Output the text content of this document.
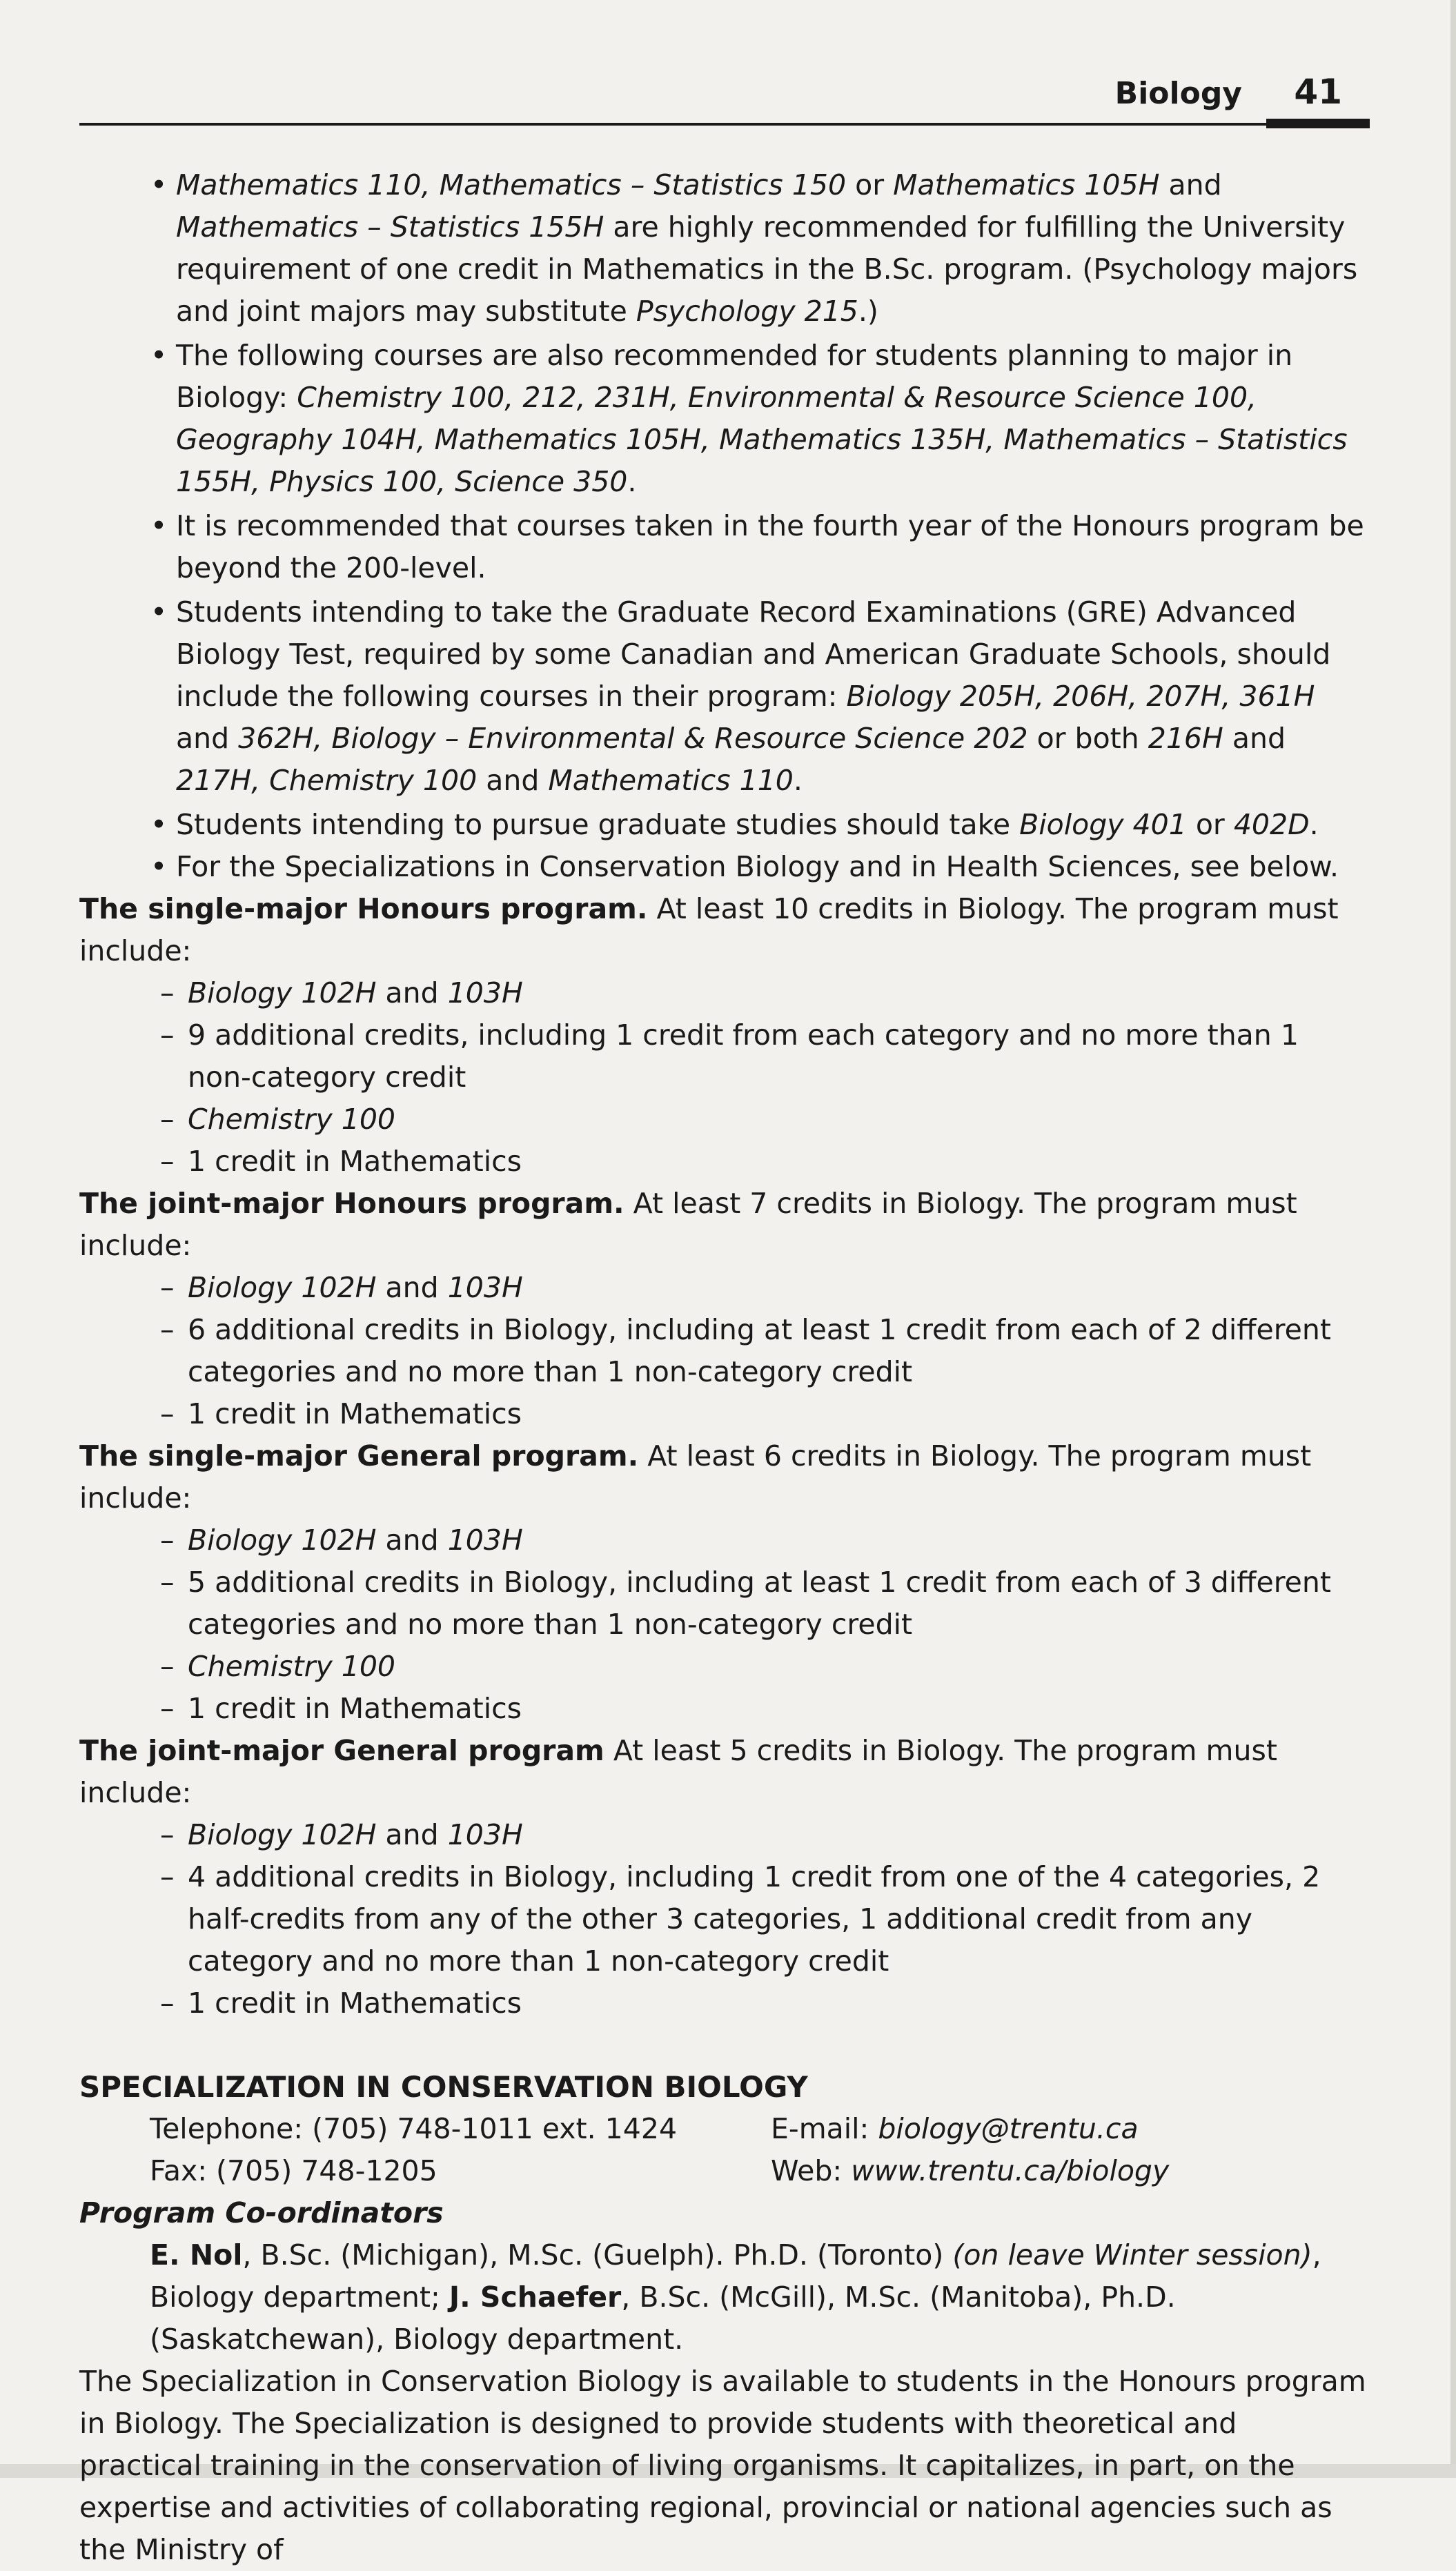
Biology 41
• Mathematics 110, Mathematics – Statistics 150 or Mathematics 105H and Mathematics – Statistics 155H are highly recommended for fulfilling the University requirement of one credit in Mathematics in the B.Sc. program. (Psychology majors and joint majors may substitute Psychology 215.)
• The following courses are also recommended for students planning to major in Biology: Chemistry 100, 212, 231H, Environmental & Resource Science 100, Geography 104H, Mathematics 105H, Mathematics 135H, Mathematics – Statistics 155H, Physics 100, Science 350.
• It is recommended that courses taken in the fourth year of the Honours program be beyond the 200-level.
• Students intending to take the Graduate Record Examinations (GRE) Advanced Biology Test, required by some Canadian and American Graduate Schools, should include the following courses in their program: Biology 205H, 206H, 207H, 361H and 362H, Biology – Environmental & Resource Science 202 or both 216H and 217H, Chemistry 100 and Mathematics 110.
• Students intending to pursue graduate studies should take Biology 401 or 402D.
• For the Specializations in Conservation Biology and in Health Sciences, see below.

The single-major Honours program. At least 10 credits in Biology. The program must include:

– Biology 102H and 103H
– 9 additional credits, including 1 credit from each category and no more than 1 non-category credit
– Chemistry 100
– 1 credit in Mathematics

The joint-major Honours program. At least 7 credits in Biology. The program must include:

– Biology 102H and 103H
– 6 additional credits in Biology, including at least 1 credit from each of 2 different categories and no more than 1 non-category credit
– 1 credit in Mathematics

The single-major General program. At least 6 credits in Biology. The program must include:

– Biology 102H and 103H
– 5 additional credits in Biology, including at least 1 credit from each of 3 different categories and no more than 1 non-category credit
– Chemistry 100
– 1 credit in Mathematics

The joint-major General program At least 5 credits in Biology. The program must include:

– Biology 102H and 103H
– 4 additional credits in Biology, including 1 credit from one of the 4 categories, 2 half-credits from any of the other 3 categories, 1 additional credit from any category and no more than 1 non-category credit
– 1 credit in Mathematics
SPECIALIZATION IN CONSERVATION BIOLOGY
Telephone: (705) 748-1011 ext. 1424
Fax: (705) 748-1205
E-mail: biology@trentu.ca
Web: www.trentu.ca/biology

Program Co-ordinators

E. Nol, B.Sc. (Michigan), M.Sc. (Guelph). Ph.D. (Toronto) (on leave Winter session), Biology department; J. Schaefer, B.Sc. (McGill), M.Sc. (Manitoba), Ph.D. (Saskatchewan), Biology department.

The Specialization in Conservation Biology is available to students in the Honours program in Biology. The Specialization is designed to provide students with theoretical and practical training in the conservation of living organisms. It capitalizes, in part, on the expertise and activities of collaborating regional, provincial or national agencies such as the Ministry of
